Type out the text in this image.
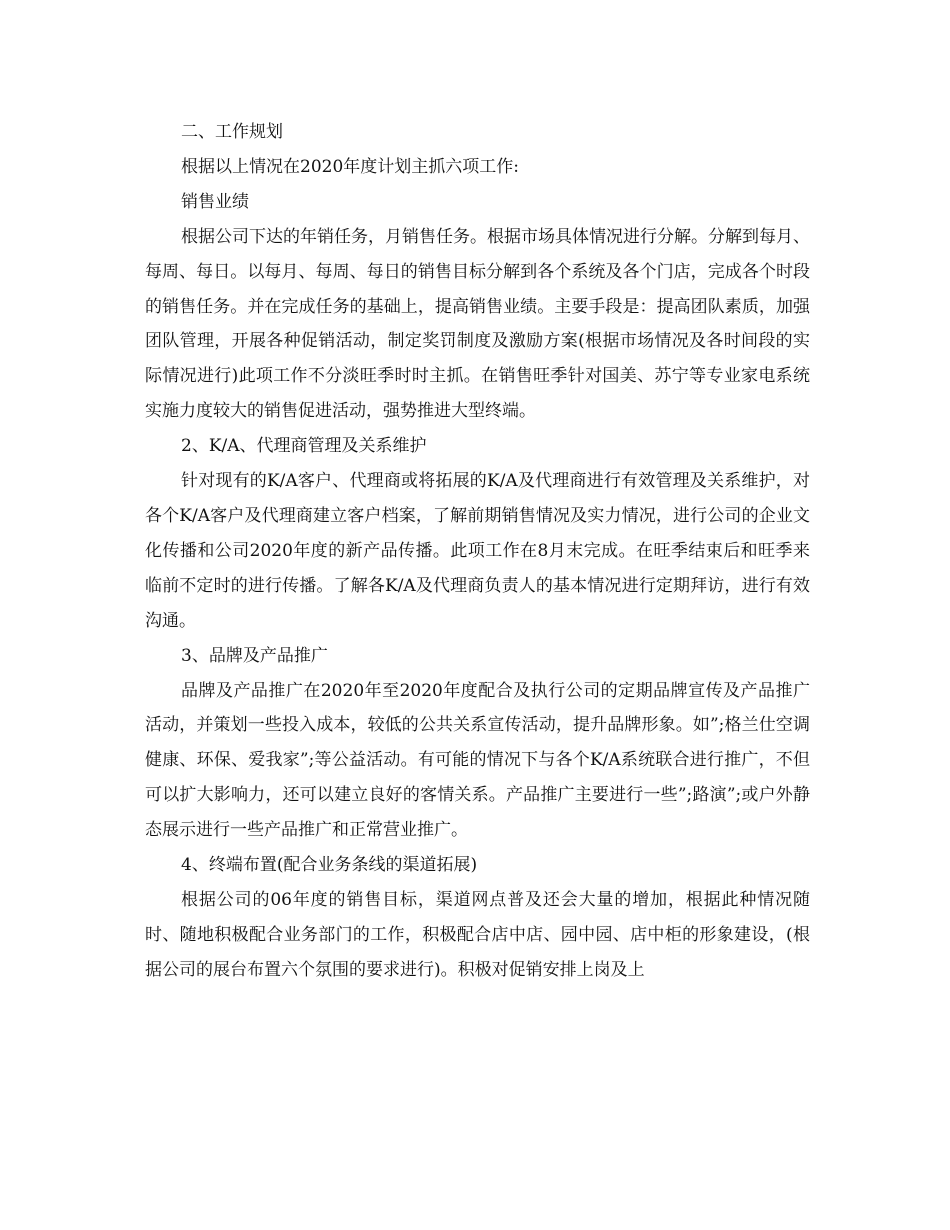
二、工作规划

根据以上情况在2020年度计划主抓六项工作:

销售业绩

根据公司下达的年销任务，月销售任务。根据市场具体情况进行分解。分解到每月、每周、每日。以每月、每周、每日的销售目标分解到各个系统及各个门店，完成各个时段的销售任务。并在完成任务的基础上，提高销售业绩。主要手段是：提高团队素质，加强团队管理，开展各种促销活动，制定奖罚制度及激励方案(根据市场情况及各时间段的实际情况进行)此项工作不分淡旺季时时主抓。在销售旺季针对国美、苏宁等专业家电系统实施力度较大的销售促进活动，强势推进大型终端。

2、K/A、代理商管理及关系维护

针对现有的K/A客户、代理商或将拓展的K/A及代理商进行有效管理及关系维护，对各个K/A客户及代理商建立客户档案，了解前期销售情况及实力情况，进行公司的企业文化传播和公司2020年度的新产品传播。此项工作在8月末完成。在旺季结束后和旺季来临前不定时的进行传播。了解各K/A及代理商负责人的基本情况进行定期拜访，进行有效沟通。

3、品牌及产品推广

品牌及产品推广在2020年至2020年度配合及执行公司的定期品牌宣传及产品推广活动，并策划一些投入成本，较低的公共关系宣传活动，提升品牌形象。如”;格兰仕空调健康、环保、爱我家”;等公益活动。有可能的情况下与各个K/A系统联合进行推广，不但可以扩大影响力，还可以建立良好的客情关系。产品推广主要进行一些”;路演”;或户外静态展示进行一些产品推广和正常营业推广。

4、终端布置(配合业务条线的渠道拓展)

根据公司的06年度的销售目标，渠道网点普及还会大量的增加，根据此种情况随时、随地积极配合业务部门的工作，积极配合店中店、园中园、店中柜的形象建设，(根据公司的展台布置六个氛围的要求进行)。积极对促销安排上岗及上
